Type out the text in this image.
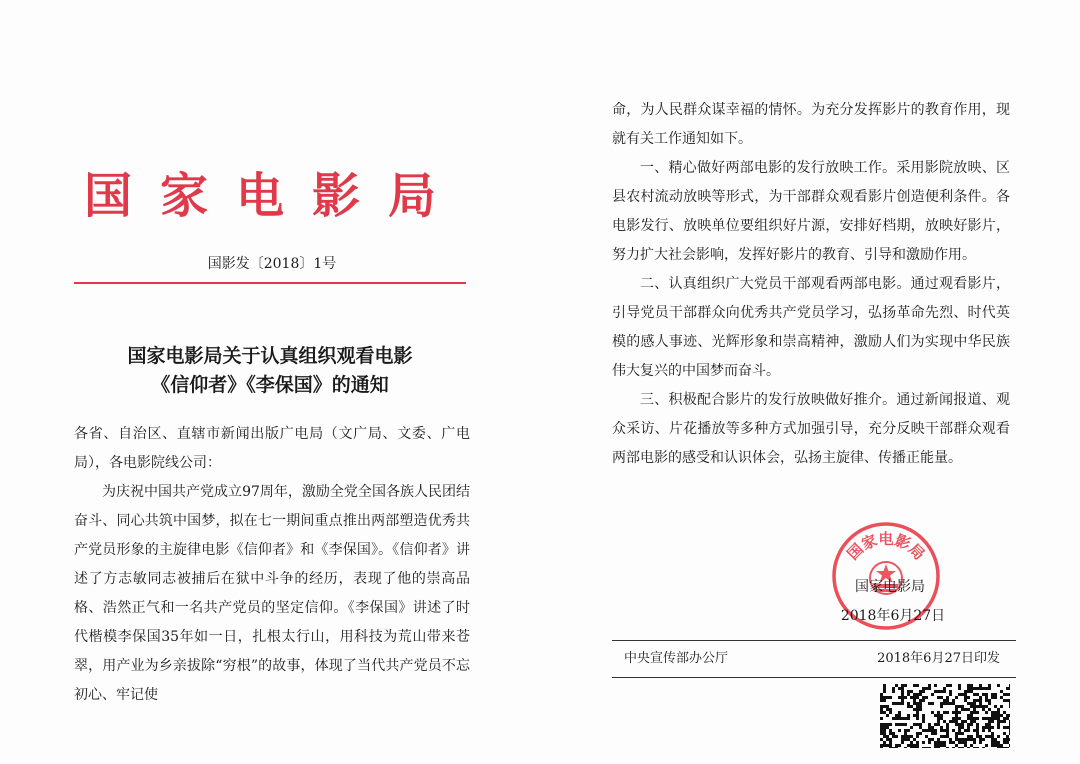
国家电影局
国影发〔2018〕1号
国家电影局关于认真组织观看电影
《信仰者》《李保国》的通知

各省、自治区、直辖市新闻出版广电局（文广局、文委、广电局），各电影院线公司：

为庆祝中国共产党成立97周年，激励全党全国各族人民团结奋斗、同心共筑中国梦，拟在七一期间重点推出两部塑造优秀共产党员形象的主旋律电影《信仰者》和《李保国》。《信仰者》讲述了方志敏同志被捕后在狱中斗争的经历，表现了他的崇高品格、浩然正气和一名共产党员的坚定信仰。《李保国》讲述了时代楷模李保国35年如一日，扎根太行山，用科技为荒山带来苍翠，用产业为乡亲拔除“穷根”的故事，体现了当代共产党员不忘初心、牢记使

命，为人民群众谋幸福的情怀。为充分发挥影片的教育作用，现就有关工作通知如下。

一、精心做好两部电影的发行放映工作。采用影院放映、区县农村流动放映等形式，为干部群众观看影片创造便利条件。各电影发行、放映单位要组织好片源，安排好档期，放映好影片，努力扩大社会影响，发挥好影片的教育、引导和激励作用。

二、认真组织广大党员干部观看两部电影。通过观看影片，引导党员干部群众向优秀共产党员学习，弘扬革命先烈、时代英模的感人事迹、光辉形象和崇高精神，激励人们为实现中华民族伟大复兴的中国梦而奋斗。

三、积极配合影片的发行放映做好推介。通过新闻报道、观众采访、片花播放等多种方式加强引导，充分反映干部群众观看两部电影的感受和认识体会，弘扬主旋律、传播正能量。

国家电影局
国家电影局
2018年6月27日
中央宣传部办公厅	2018年6月27日印发
